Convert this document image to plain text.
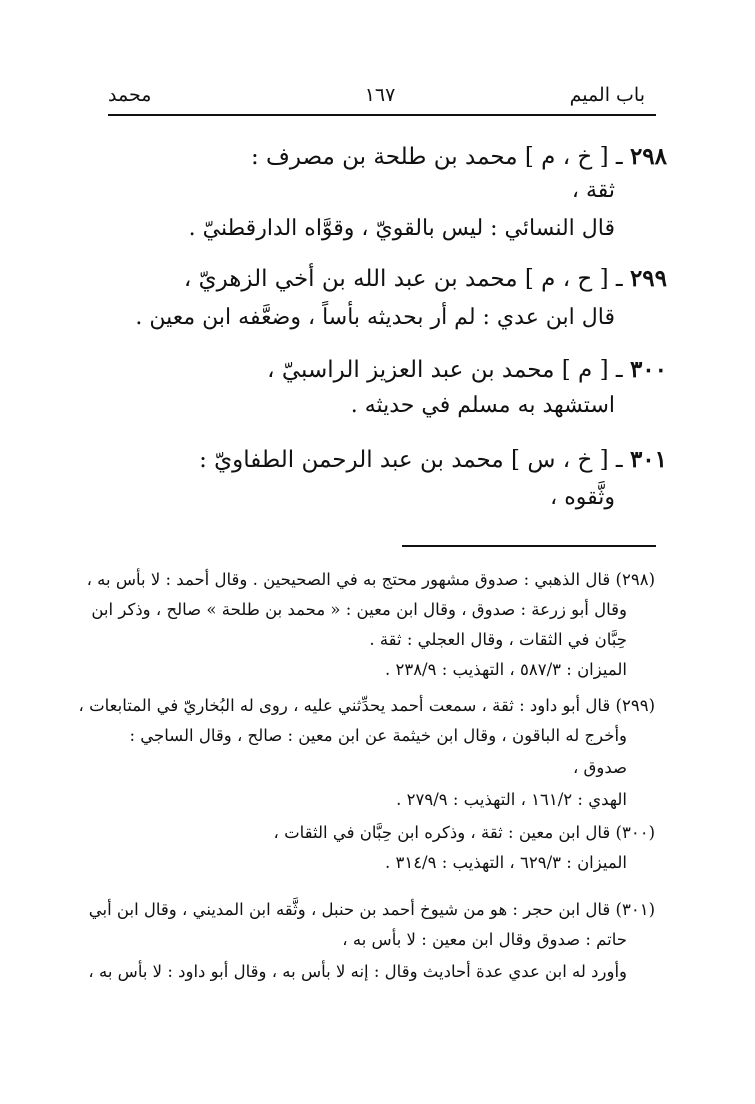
باب الميم
١٦٧
محمد
٢٩٨ ـ [ خ ، م ] محمد بن طلحة بن مصرف :
ثقة ،
قال النسائي : ليس بالقويّ ، وقوَّاه الدارقطنيّ .
٢٩٩ ـ [ ح ، م ] محمد بن عبد الله بن أخي الزهريّ ،
قال ابن عدي : لم أر بحديثه بأساً ، وضعَّفه ابن معين .
٣٠٠ ـ [ م ] محمد بن عبد العزيز الراسبيّ ،
استشهد به مسلم في حديثه .
٣٠١ ـ [ خ ، س ] محمد بن عبد الرحمن الطفاويّ :
وثَّقوه ،
(٢٩٨) قال الذهبي : صدوق مشهور محتج به في الصحيحين . وقال أحمد : لا بأس به ،
وقال أبو زرعة : صدوق ، وقال ابن معين : « محمد بن طلحة » صالح ، وذكر ابن
حِبَّان في الثقات ، وقال العجلي : ثقة .
الميزان : ٥٨٧/٣ ، التهذيب : ٢٣٨/٩ .
(٢٩٩) قال أبو داود : ثقة ، سمعت أحمد يحدِّثني عليه ، روى له البُخاريّ في المتابعات ،
وأخرج له الباقون ، وقال ابن خيثمة عن ابن معين : صالح ، وقال الساجي :
صدوق ،
الهدي : ١٦١/٢ ، التهذيب : ٢٧٩/٩ .
(٣٠٠) قال ابن معين : ثقة ، وذكره ابن حِبَّان في الثقات ،
الميزان : ٦٢٩/٣ ، التهذيب : ٣١٤/٩ .
(٣٠١) قال ابن حجر : هو من شيوخ أحمد بن حنبل ، وثَّقه ابن المديني ، وقال ابن أبي
حاتم : صدوق وقال ابن معين : لا بأس به ،
وأورد له ابن عدي عدة أحاديث وقال : إنه لا بأس به ، وقال أبو داود : لا بأس به ،
